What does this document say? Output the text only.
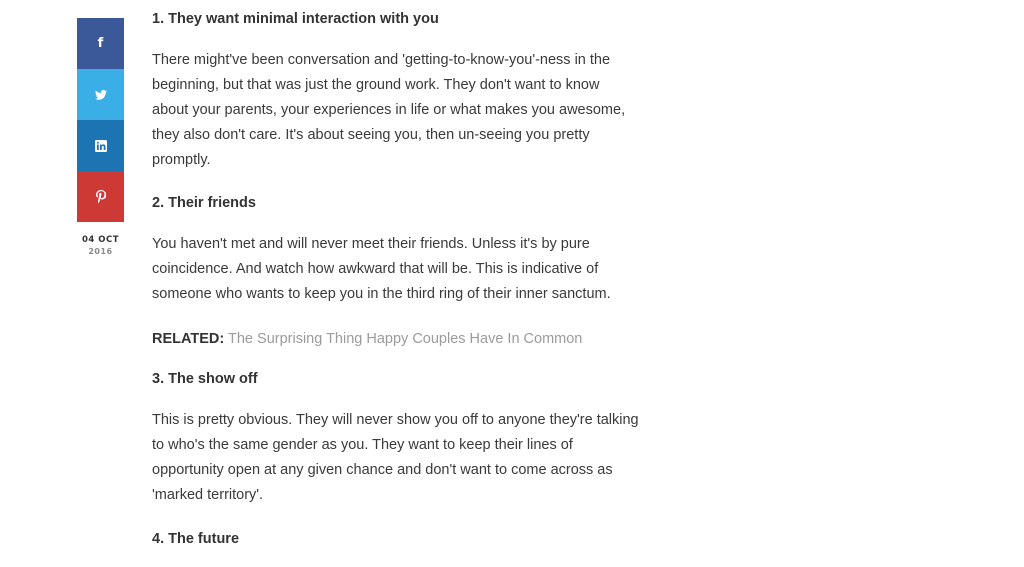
f
04 OCT
2016
1. They want minimal interaction with you

There might've been conversation and 'getting-to-know-you'-ness in the
beginning, but that was just the ground work. They don't want to know
about your parents, your experiences in life or what makes you awesome,
they also don't care. It's about seeing you, then un-seeing you pretty
promptly.

2. Their friends

You haven't met and will never meet their friends. Unless it's by pure
coincidence. And watch how awkward that will be. This is indicative of
someone who wants to keep you in the third ring of their inner sanctum.

RELATED: The Surprising Thing Happy Couples Have In Common

3. The show off

This is pretty obvious. They will never show you off to anyone they're talking
to who's the same gender as you. They want to keep their lines of
opportunity open at any given chance and don't want to come across as
'marked territory'.

4. The future
